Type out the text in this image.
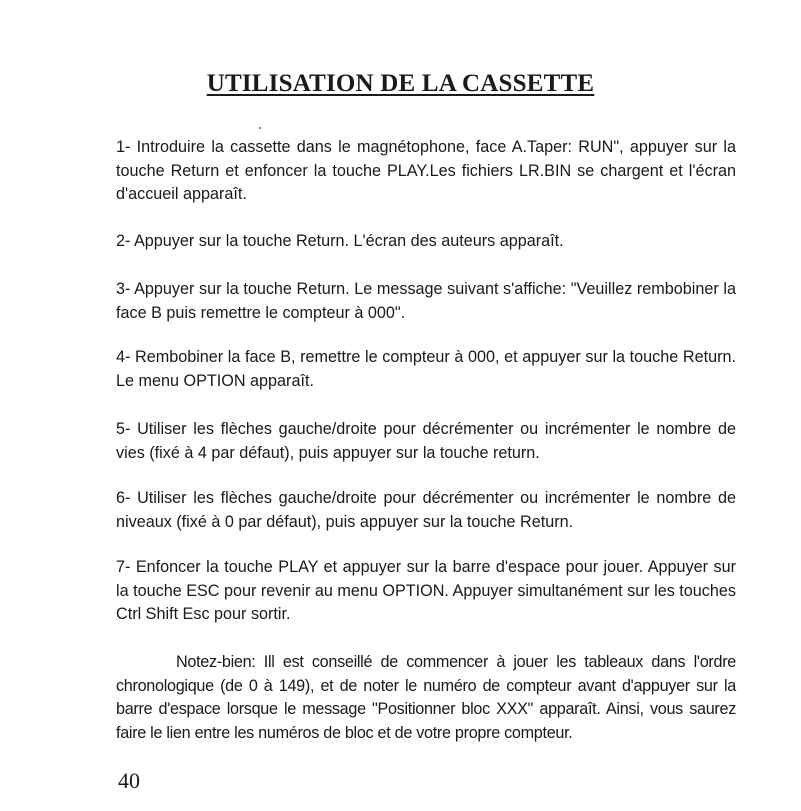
UTILISATION DE LA CASSETTE
1- Introduire la cassette dans le magnétophone, face A.Taper: RUN", appuyer sur la touche Return et enfoncer la touche PLAY.Les fichiers LR.BIN se chargent et l'écran d'accueil apparaît.
2- Appuyer sur la touche Return. L'écran des auteurs apparaît.
3- Appuyer sur la touche Return. Le message suivant s'affiche: "Veuillez rembobiner la face B puis remettre le compteur à 000".
4- Rembobiner la face B, remettre le compteur à 000, et appuyer sur la touche Return. Le menu OPTION apparaît.
5- Utiliser les flèches gauche/droite pour décrémenter ou incrémenter le nombre de vies (fixé à 4 par défaut), puis appuyer sur la touche return.
6- Utiliser les flèches gauche/droite pour décrémenter ou incrémenter le nombre de niveaux (fixé à 0 par défaut), puis appuyer sur la touche Return.
7- Enfoncer la touche PLAY et appuyer sur la barre d'espace pour jouer. Appuyer sur la touche ESC pour revenir au menu OPTION. Appuyer simultanément sur les touches Ctrl Shift Esc pour sortir.
Notez-bien: Ill est conseillé de commencer à jouer les tableaux dans l'ordre chronologique (de 0 à 149), et de noter le numéro de compteur avant d'appuyer sur la barre d'espace lorsque le message "Positionner bloc XXX" apparaît. Ainsi, vous saurez faire le lien entre les numéros de bloc et de votre propre compteur.
40
